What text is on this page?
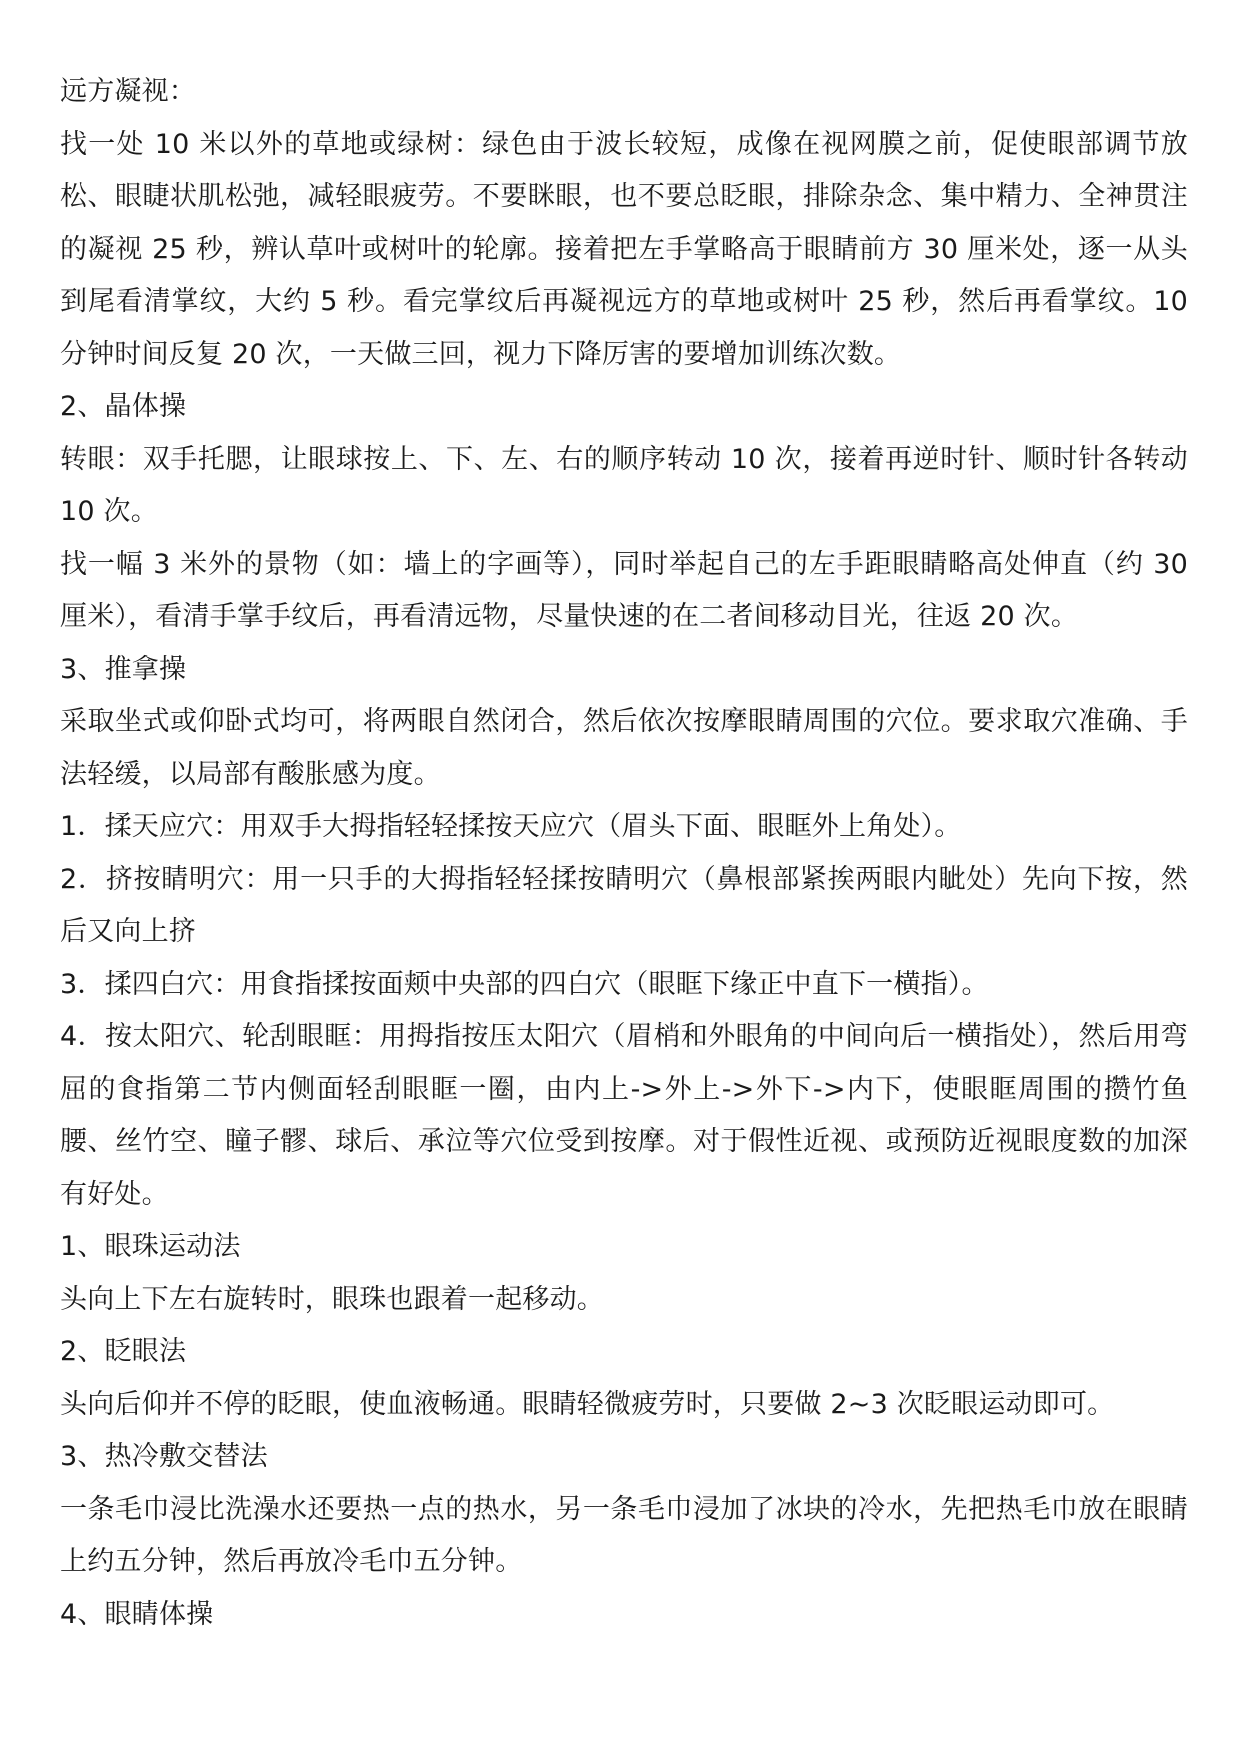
远方凝视：

找一处 10 米以外的草地或绿树：绿色由于波长较短，成像在视网膜之前，促使眼部调节放松、眼睫状肌松弛，减轻眼疲劳。不要眯眼，也不要总眨眼，排除杂念、集中精力、全神贯注的凝视 25 秒，辨认草叶或树叶的轮廓。接着把左手掌略高于眼睛前方 30 厘米处，逐一从头到尾看清掌纹，大约 5 秒。看完掌纹后再凝视远方的草地或树叶 25 秒，然后再看掌纹。10 分钟时间反复 20 次，一天做三回，视力下降厉害的要增加训练次数。

2、晶体操

转眼：双手托腮，让眼球按上、下、左、右的顺序转动 10 次，接着再逆时针、顺时针各转动 10 次。

找一幅 3 米外的景物（如：墙上的字画等），同时举起自己的左手距眼睛略高处伸直（约 30 厘米），看清手掌手纹后，再看清远物，尽量快速的在二者间移动目光，往返 20 次。

3、推拿操

采取坐式或仰卧式均可，将两眼自然闭合，然后依次按摩眼睛周围的穴位。要求取穴准确、手法轻缓，以局部有酸胀感为度。

1．揉天应穴：用双手大拇指轻轻揉按天应穴（眉头下面、眼眶外上角处）。

2．挤按睛明穴：用一只手的大拇指轻轻揉按睛明穴（鼻根部紧挨两眼内眦处）先向下按，然后又向上挤

3．揉四白穴：用食指揉按面颊中央部的四白穴（眼眶下缘正中直下一横指）。

4．按太阳穴、轮刮眼眶：用拇指按压太阳穴（眉梢和外眼角的中间向后一横指处），然后用弯屈的食指第二节内侧面轻刮眼眶一圈，由内上->外上->外下->内下，使眼眶周围的攒竹鱼腰、丝竹空、瞳子髎、球后、承泣等穴位受到按摩。对于假性近视、或预防近视眼度数的加深有好处。

1、眼珠运动法

头向上下左右旋转时，眼珠也跟着一起移动。

2、眨眼法

头向后仰并不停的眨眼，使血液畅通。眼睛轻微疲劳时，只要做 2~3 次眨眼运动即可。

3、热冷敷交替法

一条毛巾浸比洗澡水还要热一点的热水，另一条毛巾浸加了冰块的冷水，先把热毛巾放在眼睛上约五分钟，然后再放冷毛巾五分钟。

4、眼睛体操
